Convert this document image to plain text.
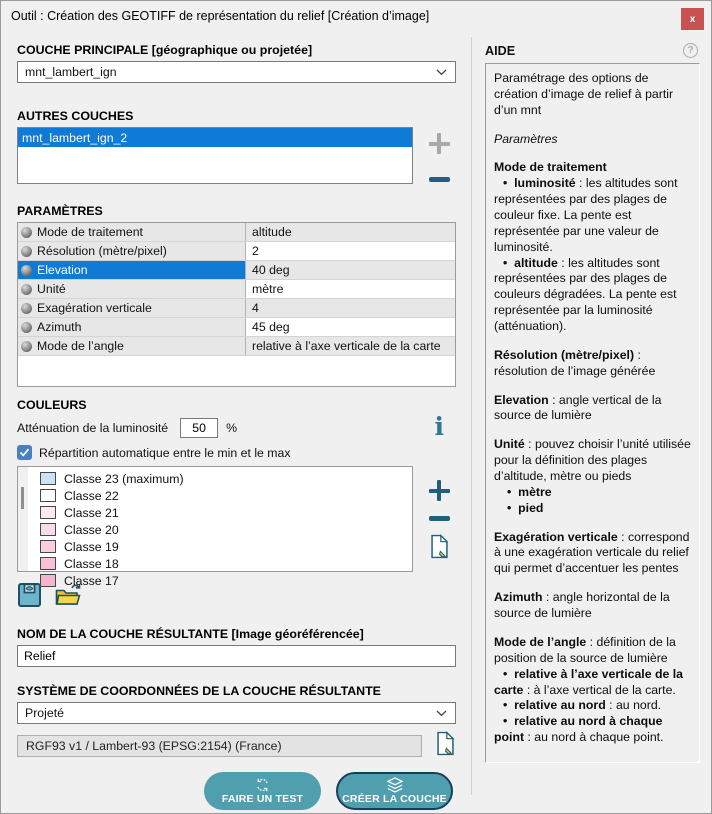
Outil : Création des GEOTIFF de représentation du relief [Création d’image]	x
COUCHE PRINCIPALE [géographique ou projetée]
mnt_lambert_ign
AUTRES COUCHES
mnt_lambert_ign_2
PARAMÈTRES
Mode de traitement	altitude
Résolution (mètre/pixel)	2
Elevation	40 deg
Unité	mètre
Exagération verticale	4
Azimuth	45 deg
Mode de l’angle	relative à l’axe verticale de la carte
COULEURS
Atténuation de la luminosité
50	%	i
Répartition automatique entre le min et le max
Classe 23 (maximum)
Classe 22
Classe 21
Classe 20
Classe 19
Classe 18
Classe 17
NOM DE LA COUCHE RÉSULTANTE [Image géoréférencée]
Relief
SYSTÈME DE COORDONNÉES DE LA COUCHE RÉSULTANTE
Projeté
RGF93 v1 / Lambert-93 (EPSG:2154) (France)
FAIRE UN TEST	CRÉER LA COUCHE
AIDE	?
Paramétrage des options de création d’image de relief à partir d’un mnt
Paramètres
Mode de traitement
•  luminosité : les altitudes sont représentées par des plages de couleur fixe. La pente est représentée par une valeur de luminosité.
•  altitude : les altitudes sont représentées par des plages de couleurs dégradées. La pente est représentée par la luminosité (atténuation).
Résolution (mètre/pixel) : résolution de l’image générée
Elevation : angle vertical de la source de lumière
Unité : pouvez choisir l’unité utilisée pour la définition des plages d’altitude, mètre ou pieds
•  mètre
•  pied
Exagération verticale : correspond à une exagération verticale du relief qui permet d’accentuer les pentes
Azimuth : angle horizontal de la source de lumière
Mode de l’angle : définition de la position de la source de lumière
•  relative à l’axe verticale de la carte : à l’axe vertical de la carte.
•  relative au nord : au nord.
•  relative au nord à chaque point : au nord à chaque point.
